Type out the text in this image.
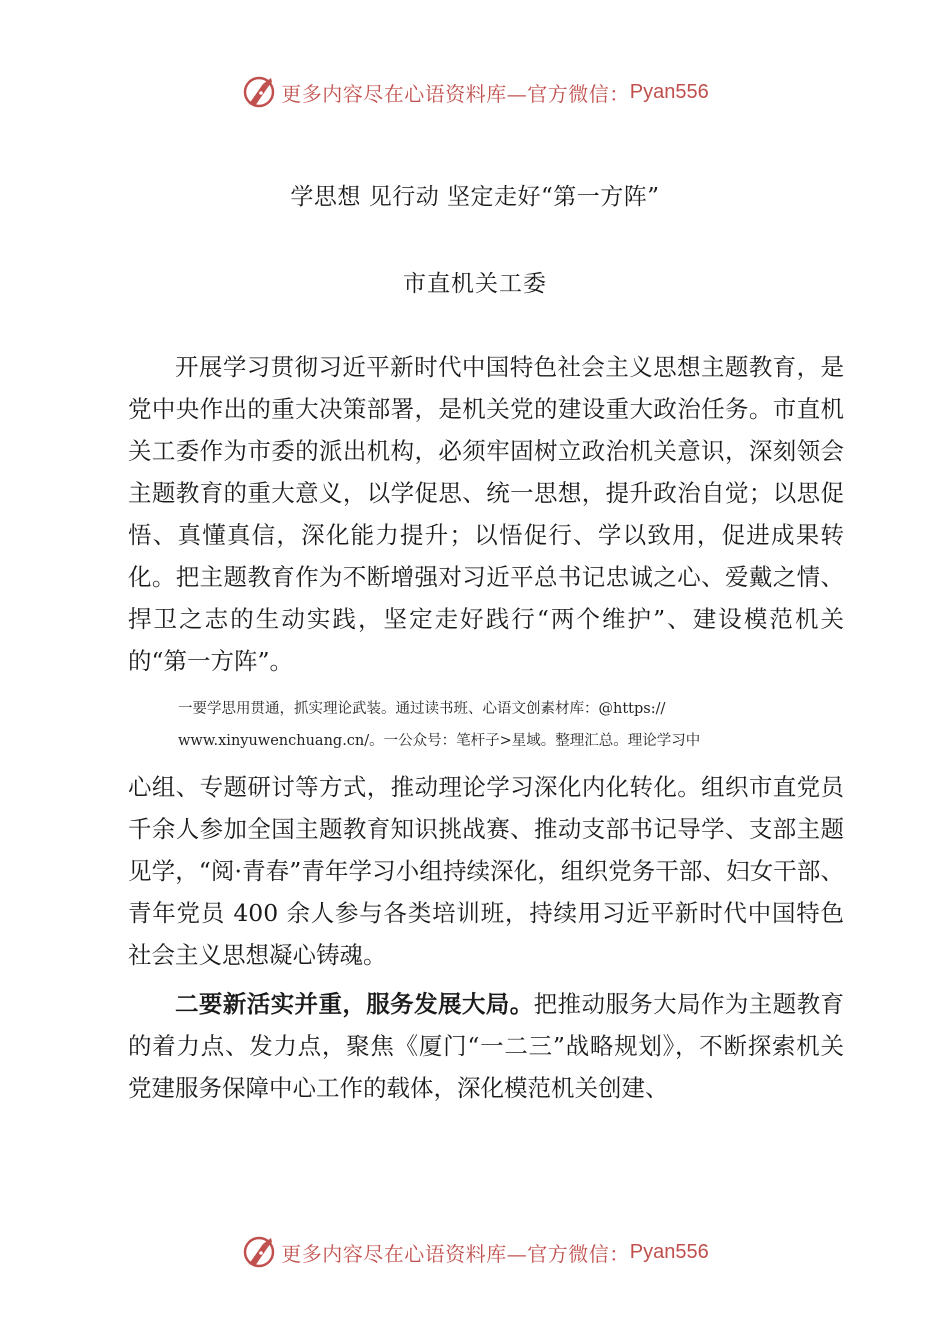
更多内容尽在心语资料库—官方微信： Pyan556
学思想 见行动 坚定走好“第一方阵”
市直机关工委

开展学习贯彻习近平新时代中国特色社会主义思想主题教育，是党中央作出的重大决策部署，是机关党的建设重大政治任务。市直机关工委作为市委的派出机构，必须牢固树立政治机关意识，深刻领会主题教育的重大意义，以学促思、统一思想，提升政治自觉；以思促悟、真懂真信，深化能力提升；以悟促行、学以致用，促进成果转化。把主题教育作为不断增强对习近平总书记忠诚之心、爱戴之情、捍卫之志的生动实践，坚定走好践行“两个维护”、建设模范机关的“第一方阵”。

一要学思用贯通，抓实理论武装。通过读书班、心语文创素材库：@https://

www.xinyuwenchuang.cn/。一公众号：笔杆子>星域。整理汇总。理论学习中

心组、专题研讨等方式，推动理论学习深化内化转化。组织市直党员千余人参加全国主题教育知识挑战赛、推动支部书记导学、支部主题见学，“阅·青春”青年学习小组持续深化，组织党务干部、妇女干部、青年党员 400 余人参与各类培训班，持续用习近平新时代中国特色社会主义思想凝心铸魂。

二要新活实并重，服务发展大局。把推动服务大局作为主题教育的着力点、发力点，聚焦《厦门“一二三”战略规划》，不断探索机关党建服务保障中心工作的载体，深化模范机关创建、

更多内容尽在心语资料库—官方微信： Pyan556
